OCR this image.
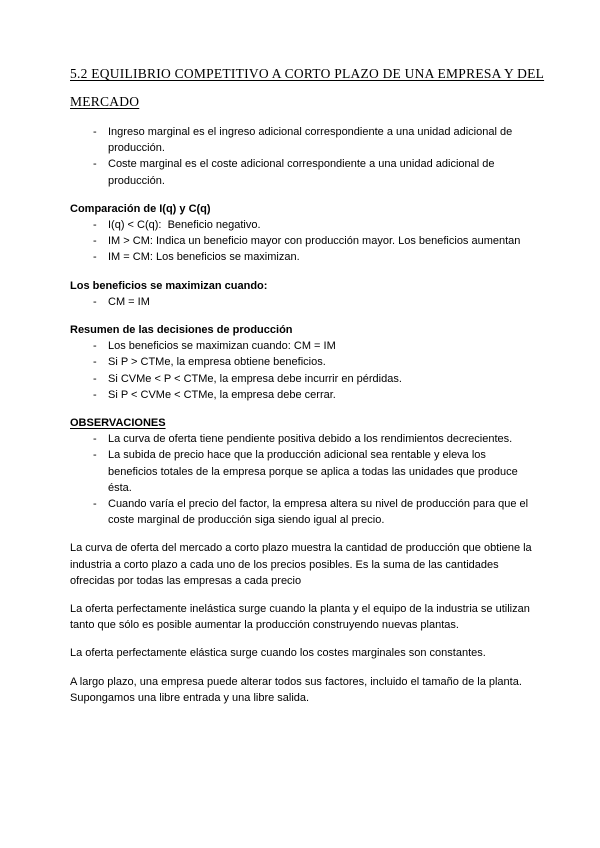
5.2 EQUILIBRIO COMPETITIVO A CORTO PLAZO DE UNA EMPRESA Y DEL
MERCADO
-	Ingreso marginal es el ingreso adicional correspondiente a una unidad adicional de producción.
-	Coste marginal es el coste adicional correspondiente a una unidad adicional de producción.
Comparación de I(q) y C(q)
-	I(q) < C(q):  Beneficio negativo.
-	IM > CM: Indica un beneficio mayor con producción mayor. Los beneficios aumentan
-	IM = CM: Los beneficios se maximizan.
Los beneficios se maximizan cuando:
-	CM = IM
Resumen de las decisiones de producción
-	Los beneficios se maximizan cuando: CM = IM
-	Si P > CTMe, la empresa obtiene beneficios.
-	Si CVMe < P < CTMe, la empresa debe incurrir en pérdidas.
-	Si P < CVMe < CTMe, la empresa debe cerrar.
OBSERVACIONES
-	La curva de oferta tiene pendiente positiva debido a los rendimientos decrecientes.
-	La subida de precio hace que la producción adicional sea rentable y eleva los beneficios totales de la empresa porque se aplica a todas las unidades que produce ésta.
-	Cuando varía el precio del factor, la empresa altera su nivel de producción para que el coste marginal de producción siga siendo igual al precio.

La curva de oferta del mercado a corto plazo muestra la cantidad de producción que obtiene la industria a corto plazo a cada uno de los precios posibles. Es la suma de las cantidades ofrecidas por todas las empresas a cada precio

La oferta perfectamente inelástica surge cuando la planta y el equipo de la industria se utilizan tanto que sólo es posible aumentar la producción construyendo nuevas plantas.

La oferta perfectamente elástica surge cuando los costes marginales son constantes.

A largo plazo, una empresa puede alterar todos sus factores, incluido el tamaño de la planta.

Supongamos una libre entrada y una libre salida.
